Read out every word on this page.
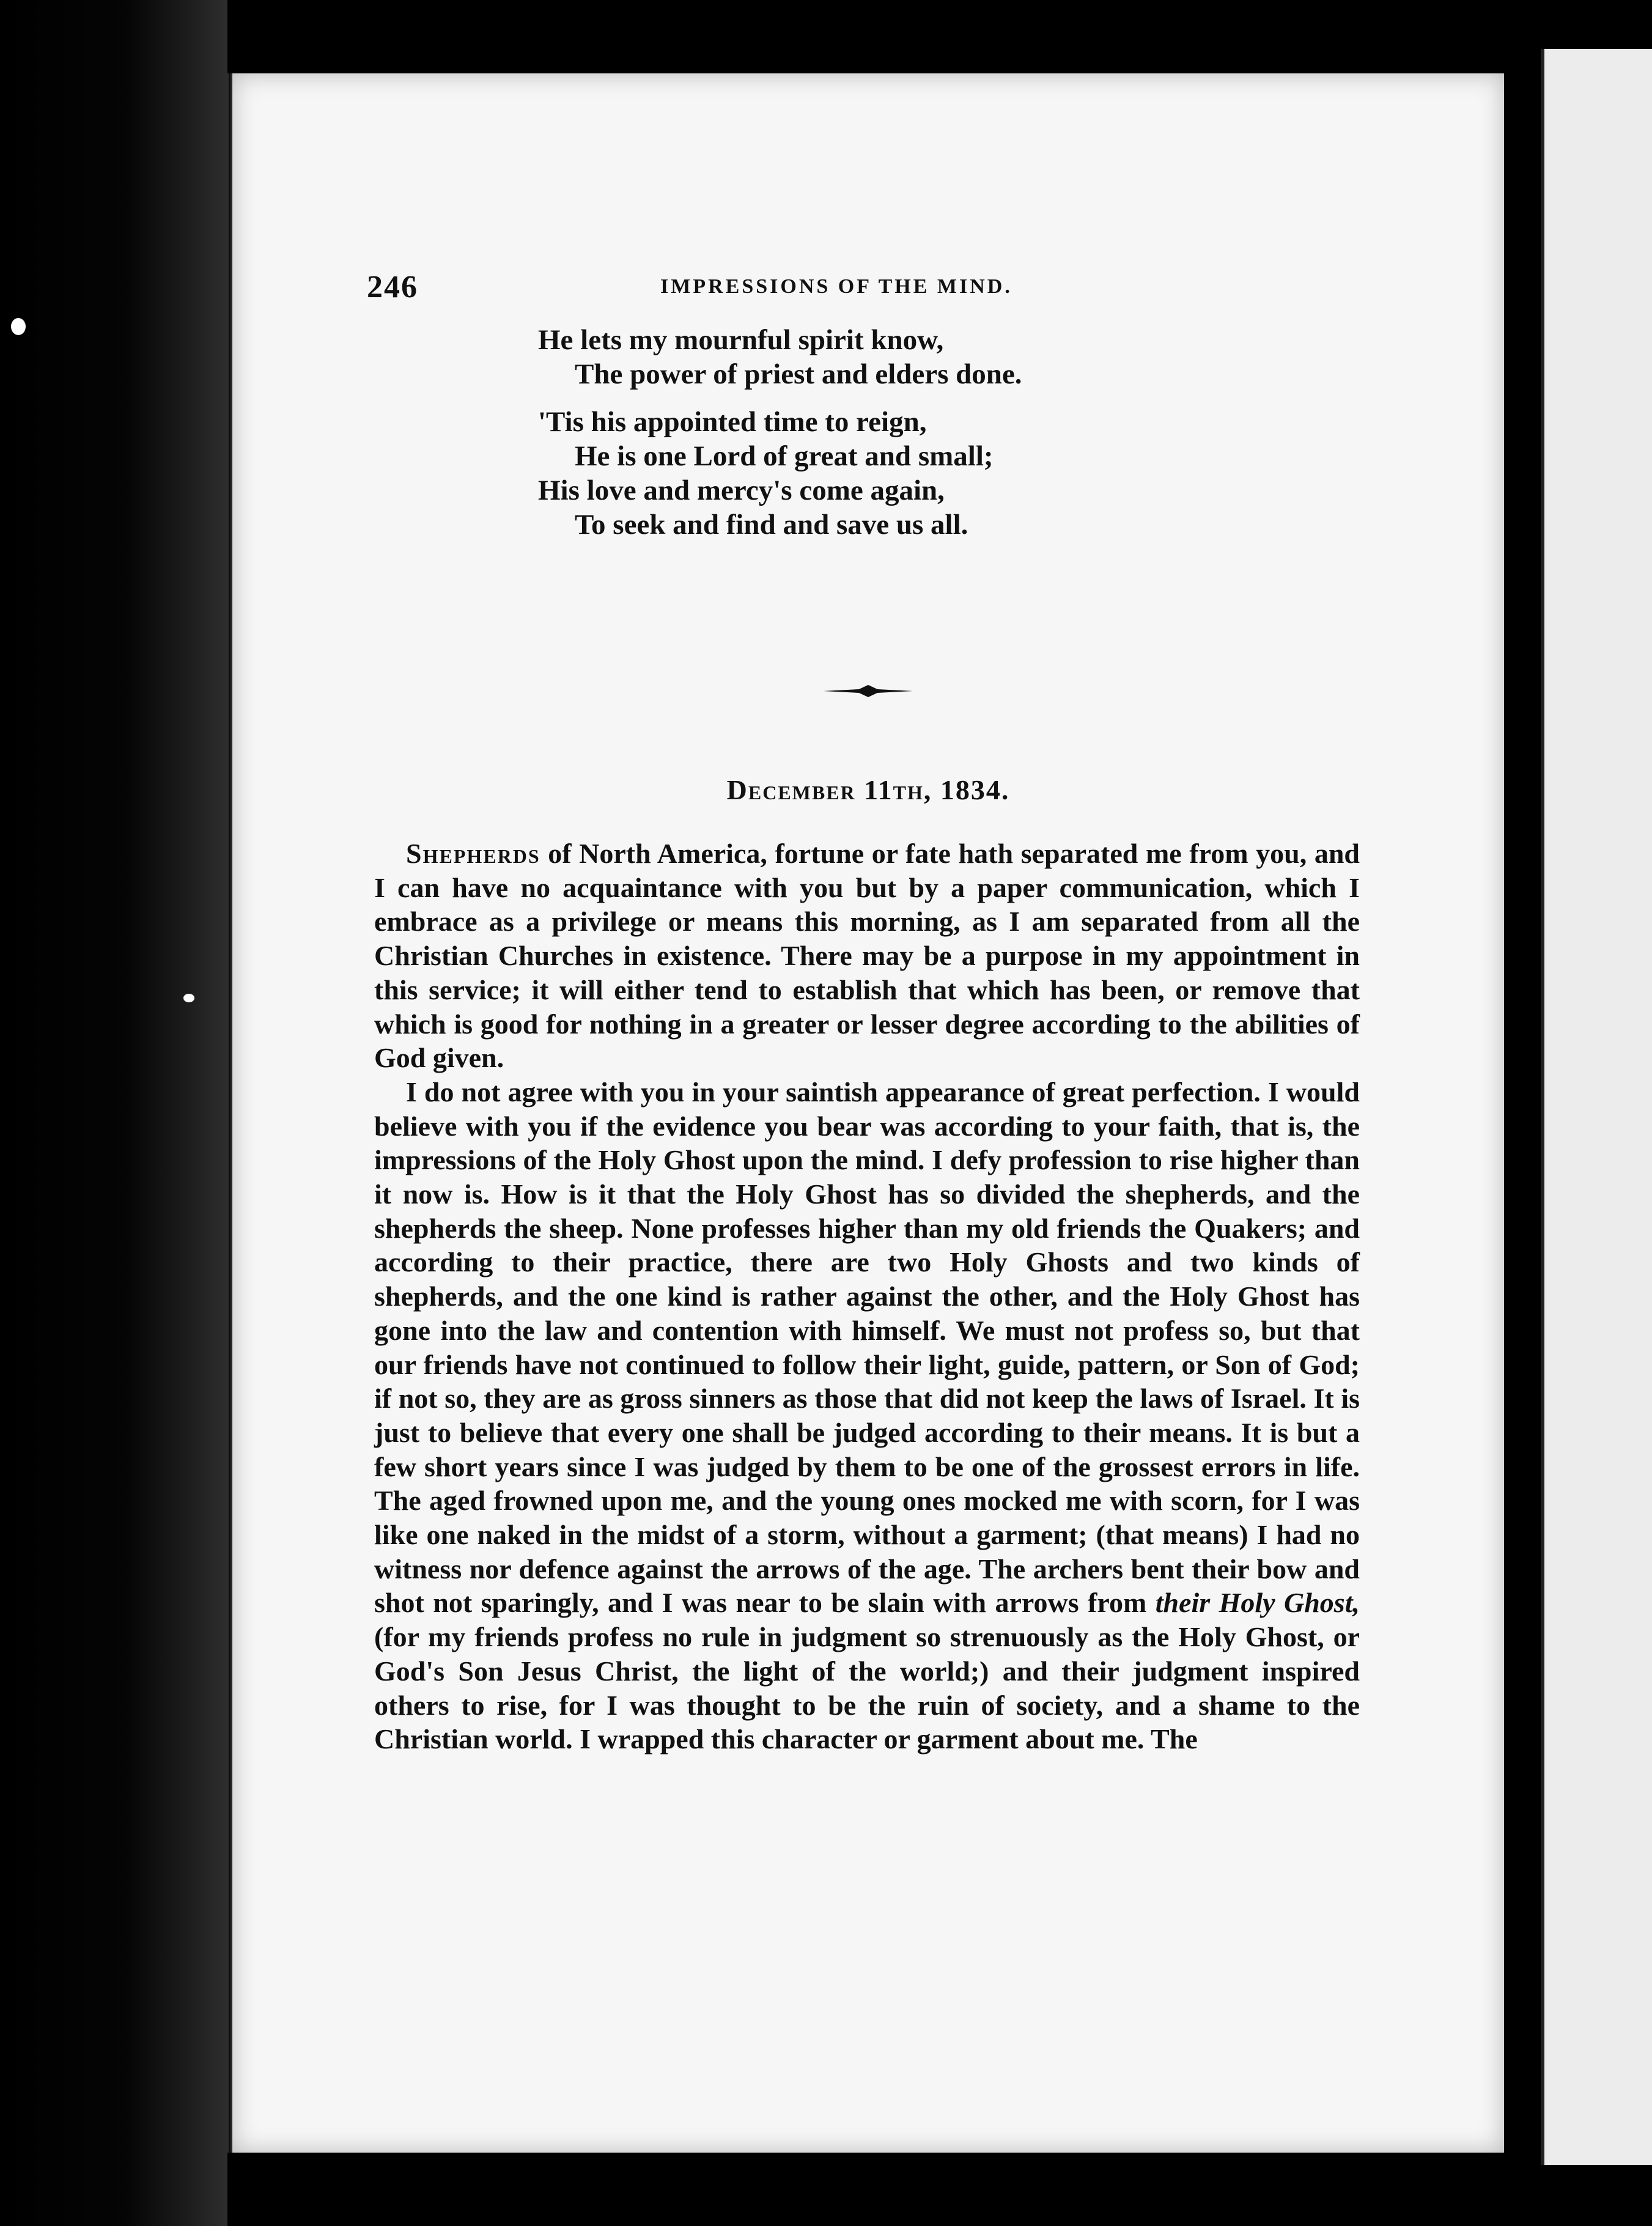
246	IMPRESSIONS OF THE MIND.

He lets my mournful spirit know,

The power of priest and elders done.

'Tis his appointed time to reign,

He is one Lord of great and small;

His love and mercy's come again,

To seek and find and save us all.

December 11th, 1834.

Shepherds of North America, fortune or fate hath separated me from you, and I can have no acquaintance with you but by a paper communication, which I embrace as a privilege or means this morning, as I am separated from all the Christian Churches in existence. There may be a purpose in my appointment in this service; it will either tend to establish that which has been, or remove that which is good for nothing in a greater or lesser degree according to the abilities of God given.

I do not agree with you in your saintish appearance of great perfection. I would believe with you if the evidence you bear was according to your faith, that is, the impressions of the Holy Ghost upon the mind. I defy profession to rise higher than it now is. How is it that the Holy Ghost has so divided the shepherds, and the shepherds the sheep. None professes higher than my old friends the Quakers; and according to their practice, there are two Holy Ghosts and two kinds of shepherds, and the one kind is rather against the other, and the Holy Ghost has gone into the law and contention with himself. We must not profess so, but that our friends have not continued to follow their light, guide, pattern, or Son of God; if not so, they are as gross sinners as those that did not keep the laws of Israel. It is just to believe that every one shall be judged according to their means. It is but a few short years since I was judged by them to be one of the grossest errors in life. The aged frowned upon me, and the young ones mocked me with scorn, for I was like one naked in the midst of a storm, without a garment; (that means) I had no witness nor defence against the arrows of the age. The archers bent their bow and shot not sparingly, and I was near to be slain with arrows from their Holy Ghost, (for my friends profess no rule in judgment so strenuously as the Holy Ghost, or God's Son Jesus Christ, the light of the world;) and their judgment inspired others to rise, for I was thought to be the ruin of society, and a shame to the Christian world. I wrapped this character or garment about me. The
